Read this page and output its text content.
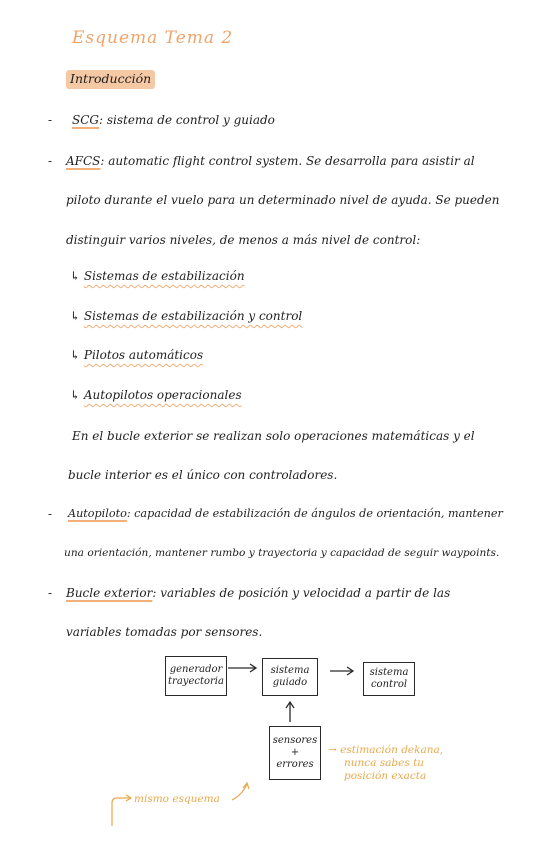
Esquema Tema 2
Introducción
- SCG: sistema de control y guiado
- AFCS: automatic flight control system. Se desarrolla para asistir al
piloto durante el vuelo para un determinado nivel de ayuda. Se pueden
distinguir varios niveles, de menos a más nivel de control:
↳ Sistemas de estabilización
↳ Sistemas de estabilización y control
↳ Pilotos automáticos
↳ Autopilotos operacionales
En el bucle exterior se realizan solo operaciones matemáticas y el
bucle interior es el único con controladores.
- Autopiloto: capacidad de estabilización de ángulos de orientación, mantener
una orientación, mantener rumbo y trayectoria y capacidad de seguir waypoints.
- Bucle exterior: variables de posición y velocidad a partir de las
variables tomadas por sensores.
generador
trayectoria
sistema
guiado
sistema
control
sensores
+
errores
→ estimación dekana,
nunca sabes tu
posición exacta
mismo esquema
